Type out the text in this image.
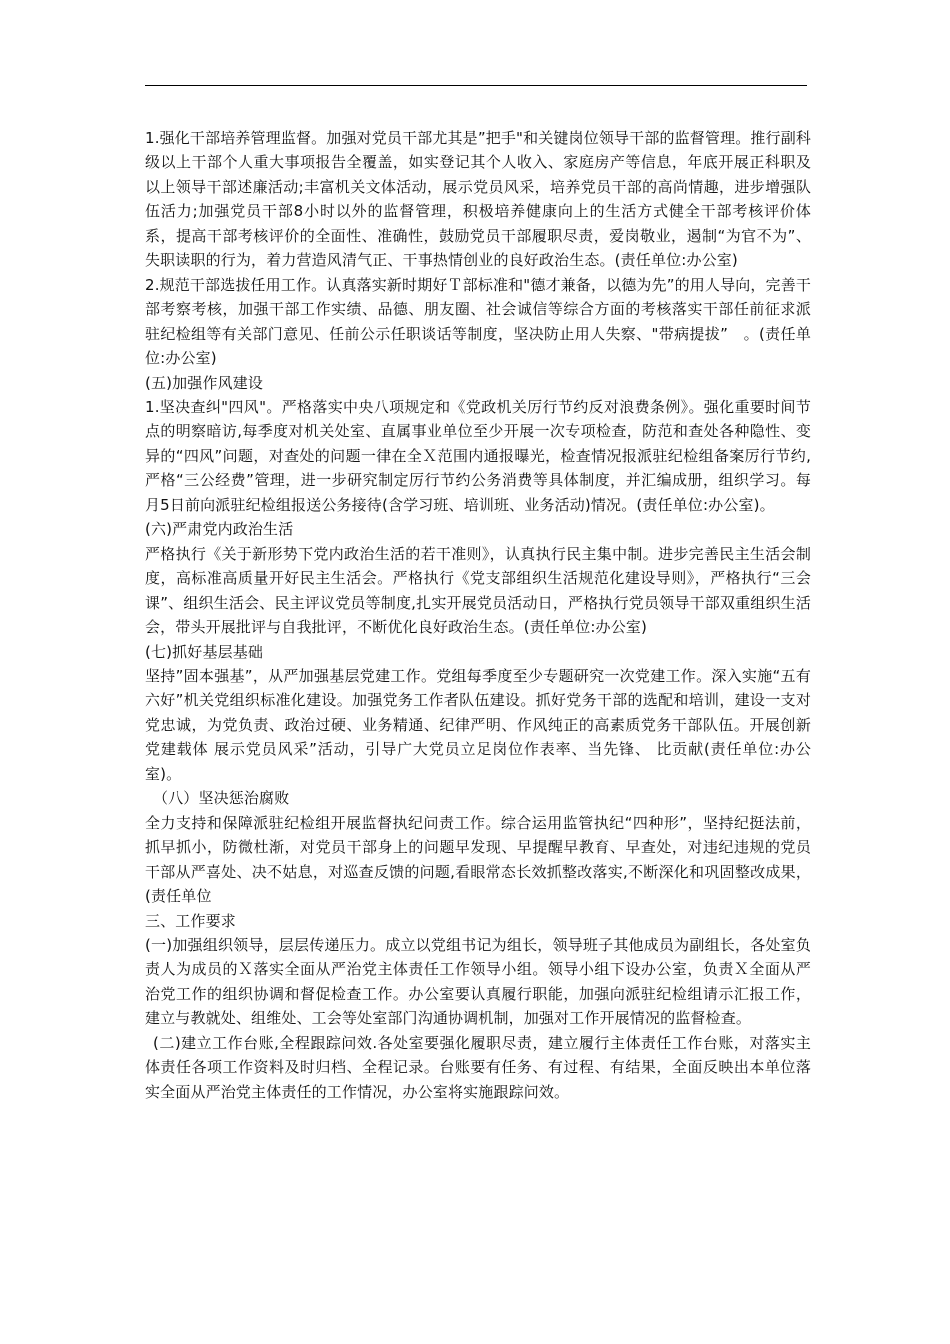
1.强化干部培养管理监督。加强对党员干部尤其是”把手"和关键岗位领导干部的监督管理。推行副科级以上干部个人重大事项报告全覆盖，如实登记其个人收入、家庭房产等信息，年底开展正科职及以上领导干部述廉活动;丰富机关文体活动，展示党员风采，培养党员干部的高尚情趣，进步增强队伍活力;加强党员干部8小时以外的监督管理，积极培养健康向上的生活方式健全干部考核评价体系，提高干部考核评价的全面性、准确性，鼓励党员干部履职尽责，爱岗敬业，遏制“为官不为”、失职读职的行为，着力营造风清气正、干事热情创业的良好政治生态。(责任单位:办公室)

2.规范干部选拔任用工作。认真落实新时期好Ｔ部标准和"德才兼备，以德为先”的用人导向，完善干部考察考核，加强干部工作实绩、品德、朋友圈、社会诚信等综合方面的考核落实干部任前征求派驻纪检组等有关部门意见、任前公示任职谈话等制度，坚决防止用人失察、"带病提拔”　。(责任单位:办公室)

(五)加强作风建设

1.坚决查纠"四风"。严格落实中央八项规定和《党政机关厉行节约反对浪费条例》。强化重要时间节点的明察暗访,每季度对机关处室、直属事业单位至少开展一次专项检查，防范和查处各种隐性、变异的“四风”问题，对查处的问题一律在全Ｘ范围内通报曝光，检查情况报派驻纪检组备案厉行节约,严格“三公经费”管理，进一步研究制定厉行节约公务消费等具体制度，并汇编成册，组织学习。每月5日前向派驻纪检组报送公务接待(含学习班、培训班、业务活动)情况。(责任单位:办公室)。

(六)严肃党内政治生活

严格执行《关于新形势下党内政治生活的若干准则》，认真执行民主集中制。进步完善民主生活会制度，高标准高质量开好民主生活会。严格执行《党支部组织生活规范化建设导则》，严格执行“三会课”、组织生活会、民主评议党员等制度,扎实开展党员活动日，严格执行党员领导干部双重组织生活会，带头开展批评与自我批评，不断优化良好政治生态。(责任单位:办公室)

(七)抓好基层基础

坚持”固本强基”，从严加强基层党建工作。党组每季度至少专题研究一次党建工作。深入实施“五有六好”机关党组织标准化建设。加强党务工作者队伍建设。抓好党务干部的选配和培训，建设一支对党忠诚，为党负责、政治过硬、业务精通、纪律严明、作风纯正的高素质党务干部队伍。开展创新党建载体 展示党员风采”活动，引导广大党员立足岗位作表率、当先锋、 比贡献(责任单位:办公室)。

（八）坚决惩治腐败

全力支持和保障派驻纪检组开展监督执纪问责工作。综合运用监管执纪“四种形”，坚持纪挺法前，抓早抓小，防微杜渐，对党员干部身上的问题早发现、早提醒早教育、早查处，对违纪违规的党员干部从严喜处、决不姑息，对巡查反馈的问题,看眼常态长效抓整改落实,不断深化和巩固整改成果，(责任单位

三、工作要求

(一)加强组织领导，层层传递压力。成立以党组书记为组长，领导班子其他成员为副组长，各处室负责人为成员的Ｘ落实全面从严治党主体责任工作领导小组。领导小组下设办公室，负责Ｘ全面从严治党工作的组织协调和督促检查工作。办公室要认真履行职能，加强向派驻纪检组请示汇报工作，建立与教就处、组维处、工会等处室部门沟通协调机制，加强对工作开展情况的监督检查。

(二)建立工作台账,全程跟踪问效.各处室要强化履职尽责，建立履行主体责任工作台账，对落实主体责任各项工作资料及时归档、全程记录。台账要有任务、有过程、有结果，全面反映出本单位落实全面从严治党主体责任的工作情况，办公室将实施跟踪问效。
